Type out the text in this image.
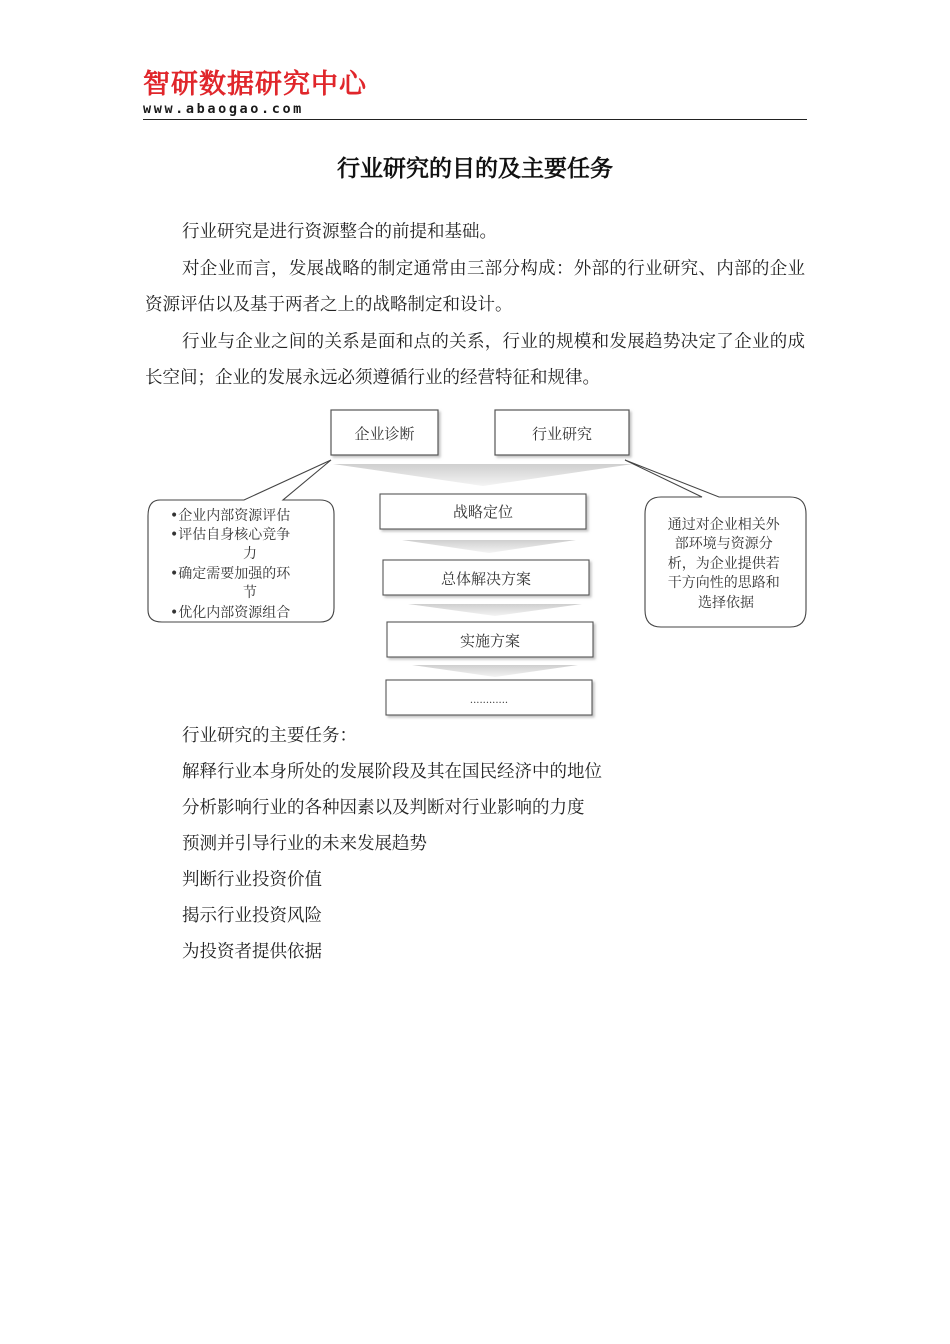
智研数据研究中心
www.abaogao.com
行业研究的目的及主要任务

行业研究是进行资源整合的前提和基础。

对企业而言，发展战略的制定通常由三部分构成：外部的行业研究、内部的企业资源评估以及基于两者之上的战略制定和设计。

行业与企业之间的关系是面和点的关系，行业的规模和发展趋势决定了企业的成长空间；企业的发展永远必须遵循行业的经营特征和规律。

企业诊断	行业研究
•企业内部资源评估 •评估自身核心竞争 力 •确定需要加强的环 节 •优化内部资源组合
通过对企业相关外 部环境与资源分 析，为企业提供若 干方向性的思路和 选择依据
战略定位
总体解决方案
实施方案
............
行业研究的主要任务：
解释行业本身所处的发展阶段及其在国民经济中的地位
分析影响行业的各种因素以及判断对行业影响的力度
预测并引导行业的未来发展趋势
判断行业投资价值
揭示行业投资风险
为投资者提供依据
